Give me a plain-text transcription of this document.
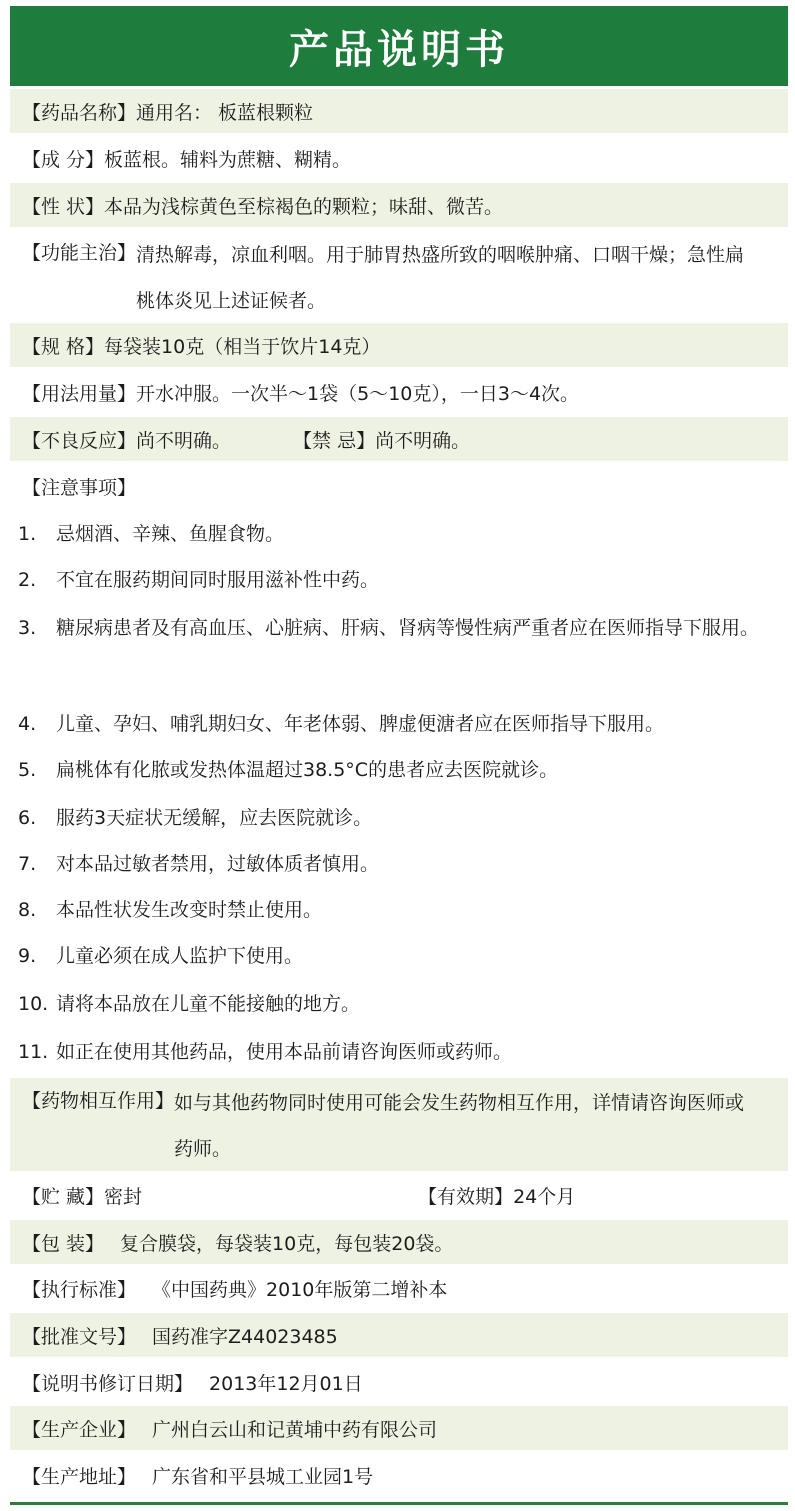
产品说明书
【药品名称】 通用名： 板蓝根颗粒
【成 分】 板蓝根。辅料为蔗糖、糊精。
【性 状】 本品为浅棕黄色至棕褐色的颗粒；味甜、微苦。
【功能主治】 清热解毒，凉血利咽。用于肺胃热盛所致的咽喉肿痛、口咽干燥；急性扁桃体炎见上述证候者。
【规 格】 每袋装10克（相当于饮片14克）
【用法用量】 开水冲服。一次半～1袋（5～10克），一日3～4次。
【不良反应】 尚不明确。	【禁 忌】 尚不明确。
【注意事项】
1.	忌烟酒、辛辣、鱼腥食物。
2.	不宜在服药期间同时服用滋补性中药。
3.	糖尿病患者及有高血压、心脏病、肝病、肾病等慢性病严重者应在医师指导下服用。
4.	儿童、孕妇、哺乳期妇女、年老体弱、脾虚便溏者应在医师指导下服用。
5.	扁桃体有化脓或发热体温超过38.5°C的患者应去医院就诊。
6.	服药3天症状无缓解，应去医院就诊。
7.	对本品过敏者禁用，过敏体质者慎用。
8.	本品性状发生改变时禁止使用。
9.	儿童必须在成人监护下使用。
10. 请将本品放在儿童不能接触的地方。
11. 如正在使用其他药品，使用本品前请咨询医师或药师。
【药物相互作用】 如与其他药物同时使用可能会发生药物相互作用，详情请咨询医师或药师。
【贮 藏】 密封	【有效期】 24个月
【包 装】 复合膜袋，每袋装10克，每包装20袋。
【执行标准】 《中国药典》2010年版第二增补本
【批准文号】 国药准字Z44023485
【说明书修订日期】 2013年12月01日
【生产企业】 广州白云山和记黄埔中药有限公司
【生产地址】 广东省和平县城工业园1号
